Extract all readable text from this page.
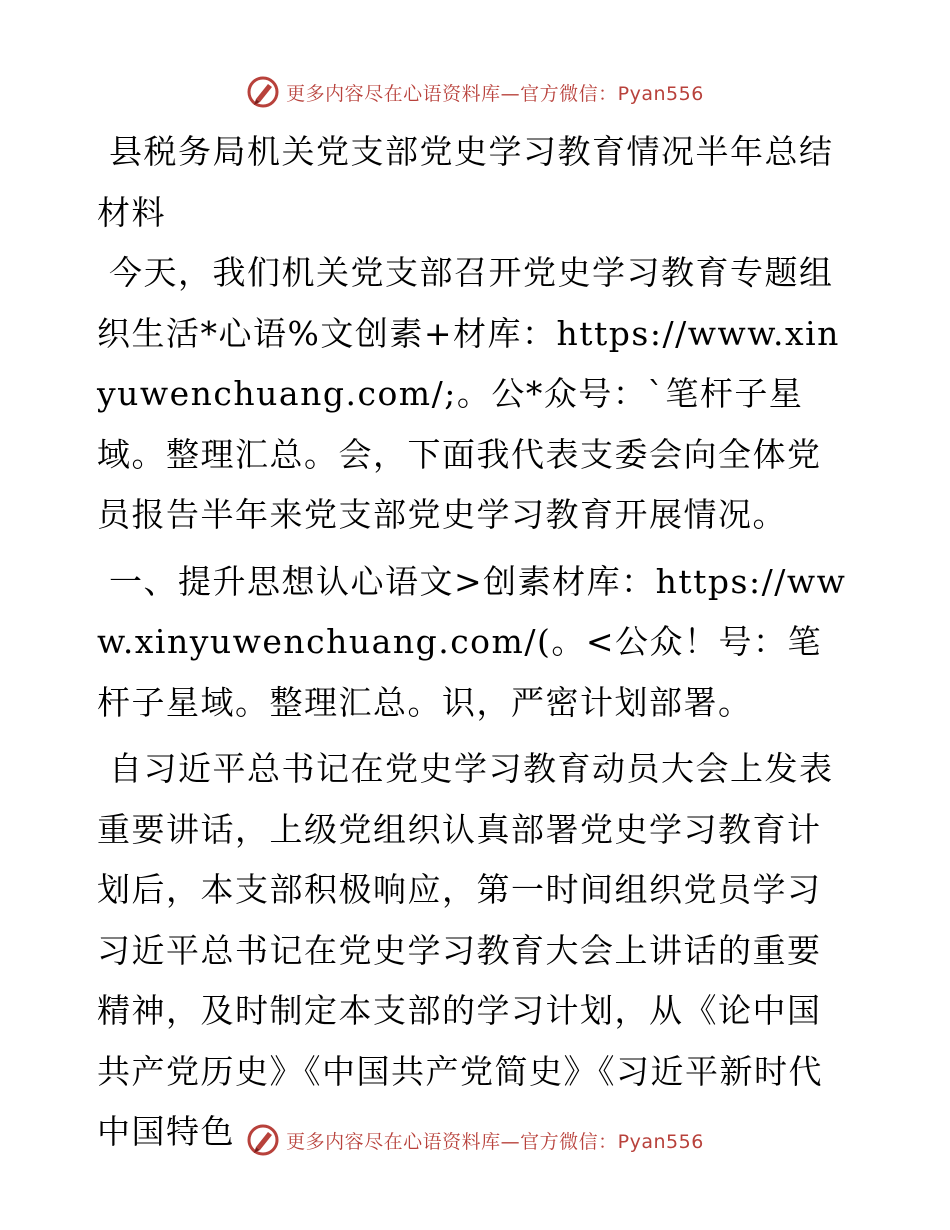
更多内容尽在心语资料库—官方微信：Pyan556

县税务局机关党支部党史学习教育情况半年总结材料

今天，我们机关党支部召开党史学习教育专题组织生活*心语%文创素+材库：https://www.xinyuwenchuang.com/;。公*众号：`笔杆子星域。整理汇总。会，下面我代表支委会向全体党员报告半年来党支部党史学习教育开展情况。

一、提升思想认心语文>创素材库：https://www.xinyuwenchuang.com/(。<公众！号：笔杆子星域。整理汇总。识，严密计划部署。

自习近平总书记在党史学习教育动员大会上发表重要讲话，上级党组织认真部署党史学习教育计划后，本支部积极响应，第一时间组织党员学习习近平总书记在党史学习教育大会上讲话的重要精神，及时制定本支部的学习计划，从《论中国共产党历史》《中国共产党简史》《习近平新时代中国特色	更多内容尽在心语资料库—官方微信：Pyan556
